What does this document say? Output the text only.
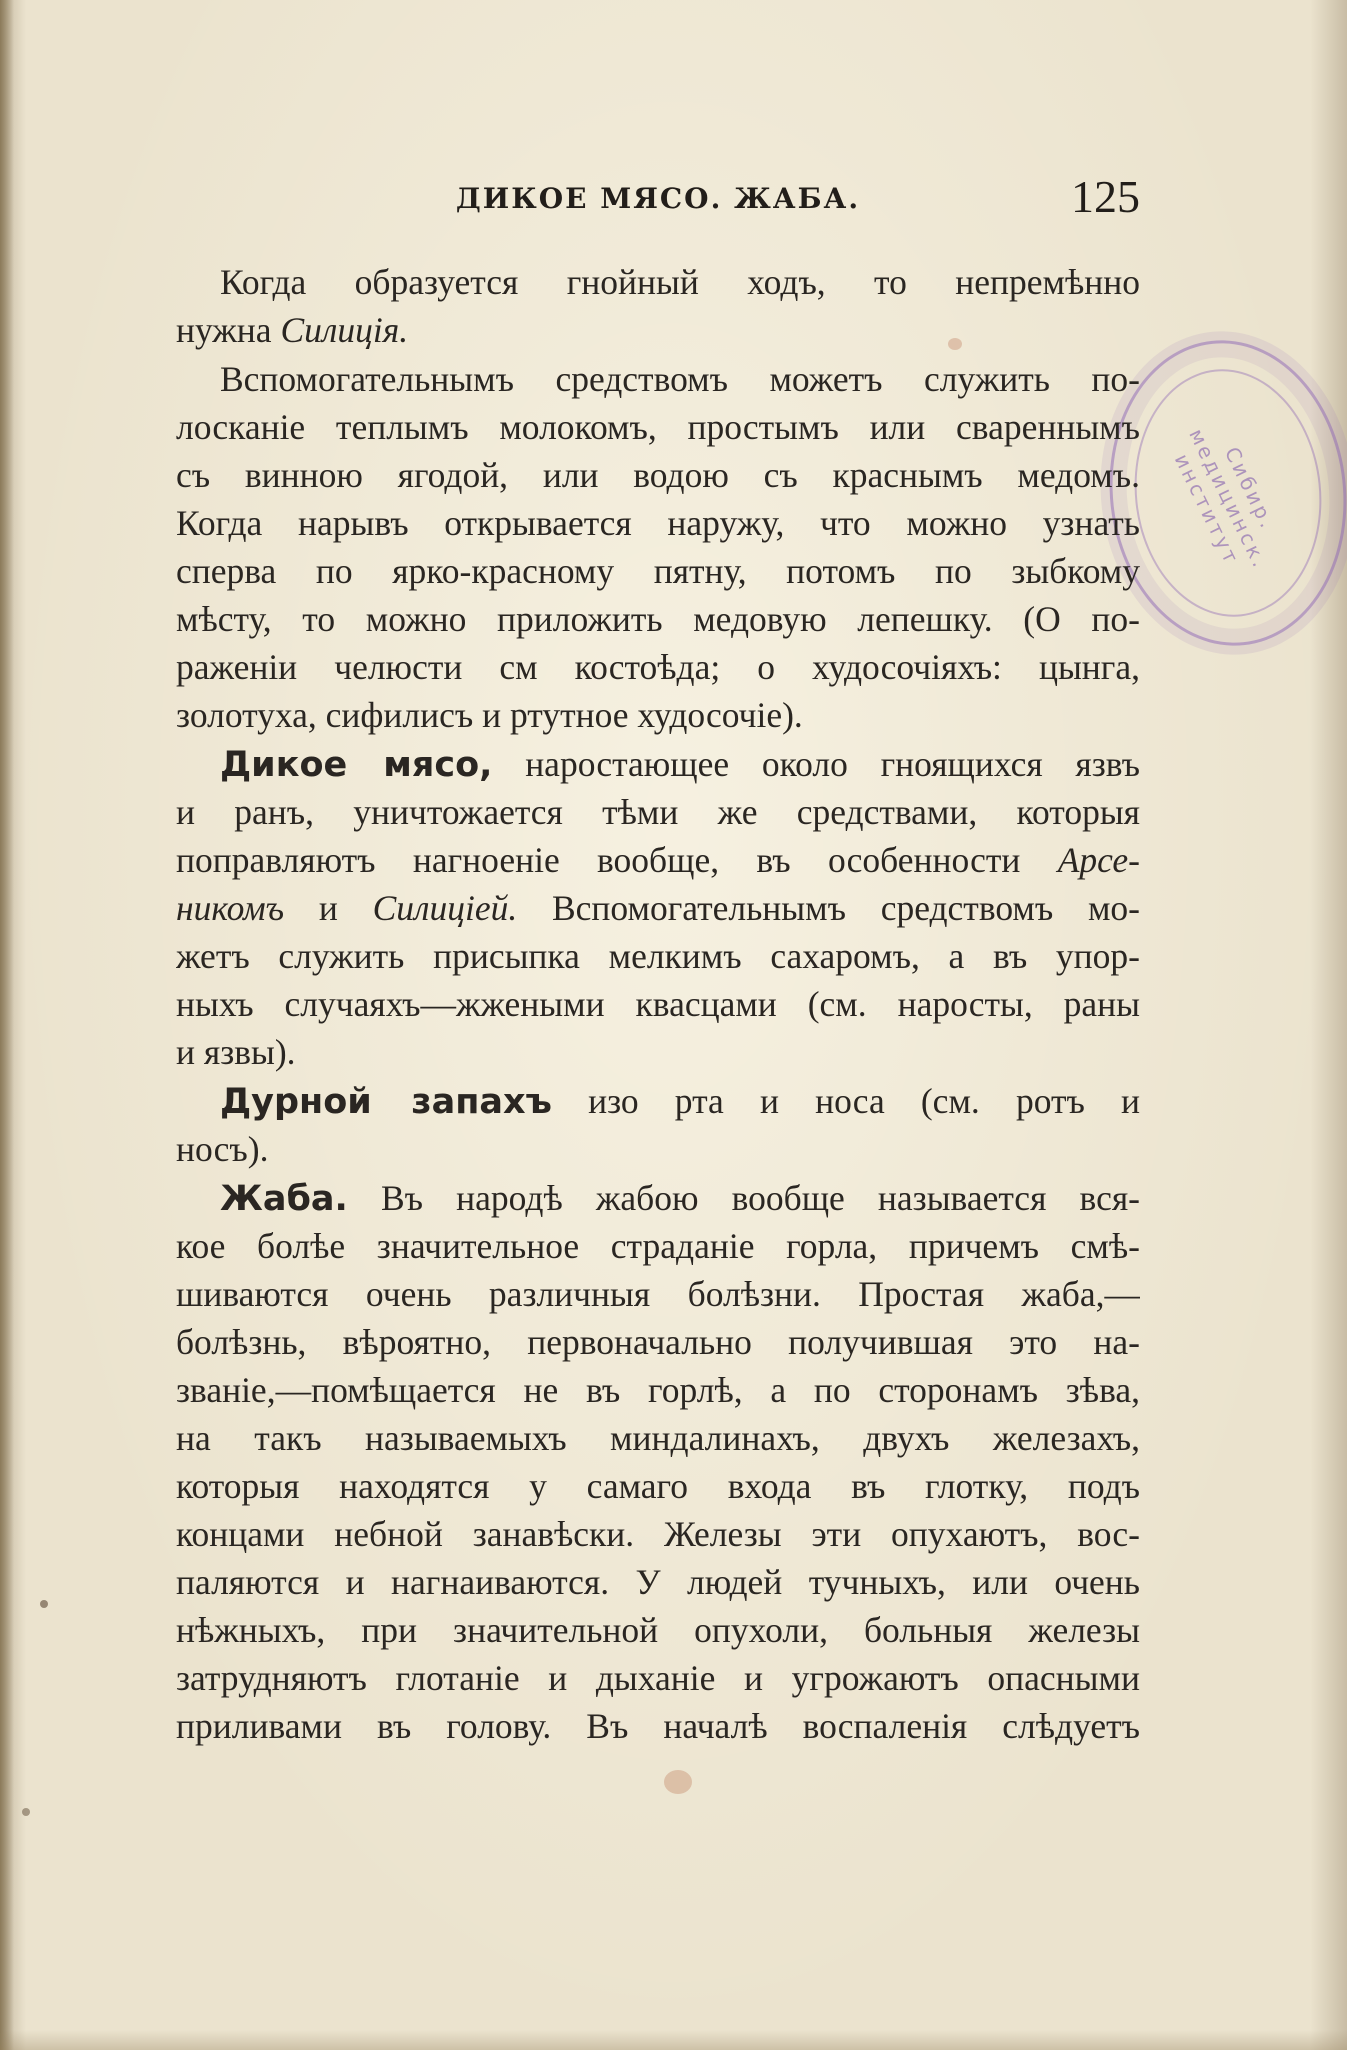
ДИКОЕ МЯСО. ЖАБА.	125
Сибир. медицинск. институт
Когда образуется гнойный ходъ, то непремѣнно
нужна Силиція.
Вспомогательнымъ средствомъ можетъ служить по-
лосканіе теплымъ молокомъ, простымъ или свареннымъ
съ винною ягодой, или водою съ краснымъ медомъ.
Когда нарывъ открывается наружу, что можно узнать
сперва по ярко-красному пятну, потомъ по зыбкому
мѣсту, то можно приложить медовую лепешку. (О по-
раженіи челюсти см костоѣда; о худосочіяхъ: цынга,
золотуха, сифилисъ и ртутное худосочіе).
Дикое мясо, наростающее около гноящихся язвъ
и ранъ, уничтожается тѣми же средствами, которыя
поправляютъ нагноеніе вообще, въ особенности Арсе-
никомъ и Силиціей. Вспомогательнымъ средствомъ мо-
жетъ служить присыпка мелкимъ сахаромъ, а въ упор-
ныхъ случаяхъ—жжеными квасцами (см. наросты, раны
и язвы).
Дурной запахъ изо рта и носа (см. ротъ и
носъ).
Жаба. Въ народѣ жабою вообще называется вся-
кое болѣе значительное страданіе горла, причемъ смѣ-
шиваются очень различныя болѣзни. Простая жаба,—
болѣзнь, вѣроятно, первоначально получившая это на-
званіе,—помѣщается не въ горлѣ, а по сторонамъ зѣва,
на такъ называемыхъ миндалинахъ, двухъ железахъ,
которыя находятся у самаго входа въ глотку, подъ
концами небной занавѣски. Железы эти опухаютъ, вос-
паляются и нагнаиваются. У людей тучныхъ, или очень
нѣжныхъ, при значительной опухоли, больныя железы
затрудняютъ глотаніе и дыханіе и угрожаютъ опасными
приливами въ голову. Въ началѣ воспаленія слѣдуетъ
